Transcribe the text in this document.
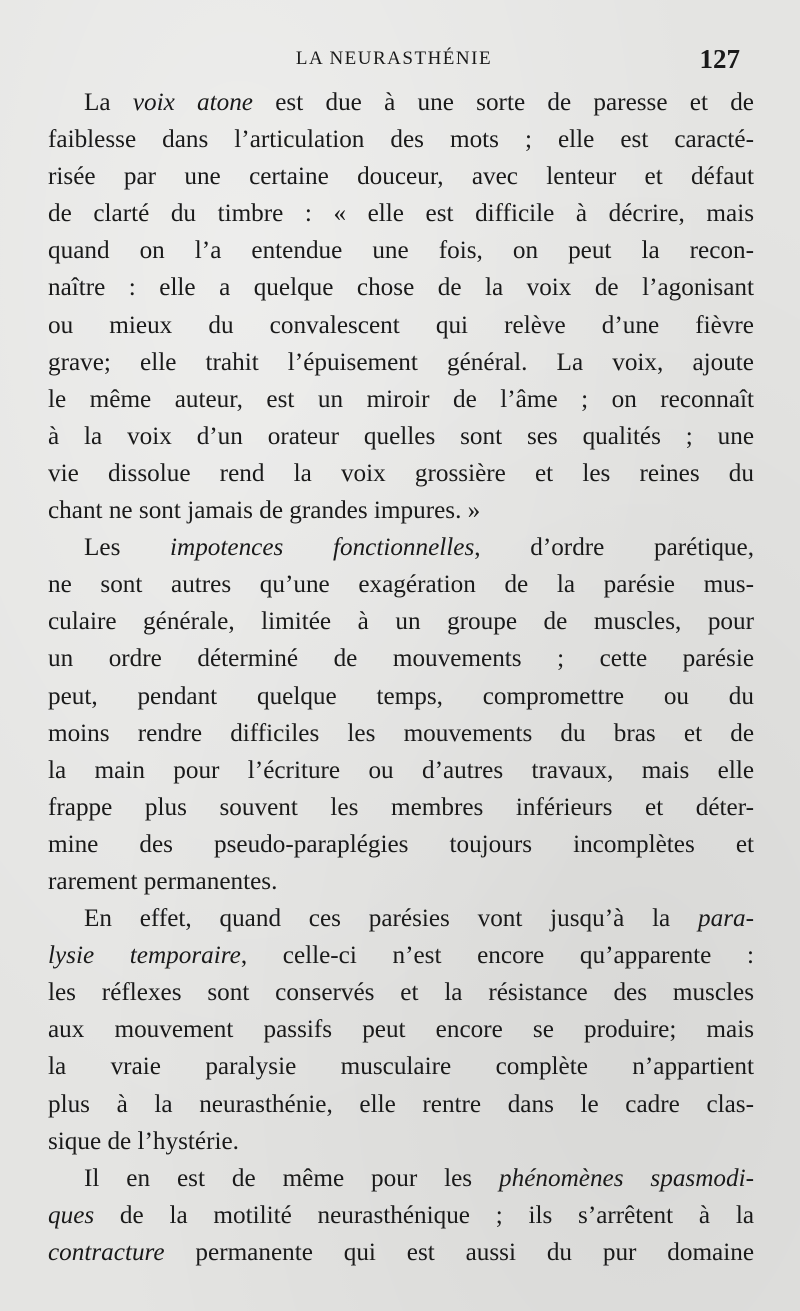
LA NEURASTHÉNIE	127
La voix atone est due à une sorte de paresse et de
faiblesse dans l’articulation des mots ; elle est caracté-
risée par une certaine douceur, avec lenteur et défaut
de clarté du timbre : « elle est difficile à décrire, mais
quand on l’a entendue une fois, on peut la recon-
naître : elle a quelque chose de la voix de l’agonisant
ou mieux du convalescent qui relève d’une fièvre
grave; elle trahit l’épuisement général. La voix, ajoute
le même auteur, est un miroir de l’âme ; on reconnaît
à la voix d’un orateur quelles sont ses qualités ; une
vie dissolue rend la voix grossière et les reines du
chant ne sont jamais de grandes impures. »
Les impotences fonctionnelles, d’ordre parétique,
ne sont autres qu’une exagération de la parésie mus-
culaire générale, limitée à un groupe de muscles, pour
un ordre déterminé de mouvements ; cette parésie
peut, pendant quelque temps, compromettre ou du
moins rendre difficiles les mouvements du bras et de
la main pour l’écriture ou d’autres travaux, mais elle
frappe plus souvent les membres inférieurs et déter-
mine des pseudo-paraplégies toujours incomplètes et
rarement permanentes.
En effet, quand ces parésies vont jusqu’à la para-
lysie temporaire, celle-ci n’est encore qu’apparente :
les réflexes sont conservés et la résistance des muscles
aux mouvement passifs peut encore se produire; mais
la vraie paralysie musculaire complète n’appartient
plus à la neurasthénie, elle rentre dans le cadre clas-
sique de l’hystérie.
Il en est de même pour les phénomènes spasmodi-
ques de la motilité neurasthénique ; ils s’arrêtent à la
contracture permanente qui est aussi du pur domaine
